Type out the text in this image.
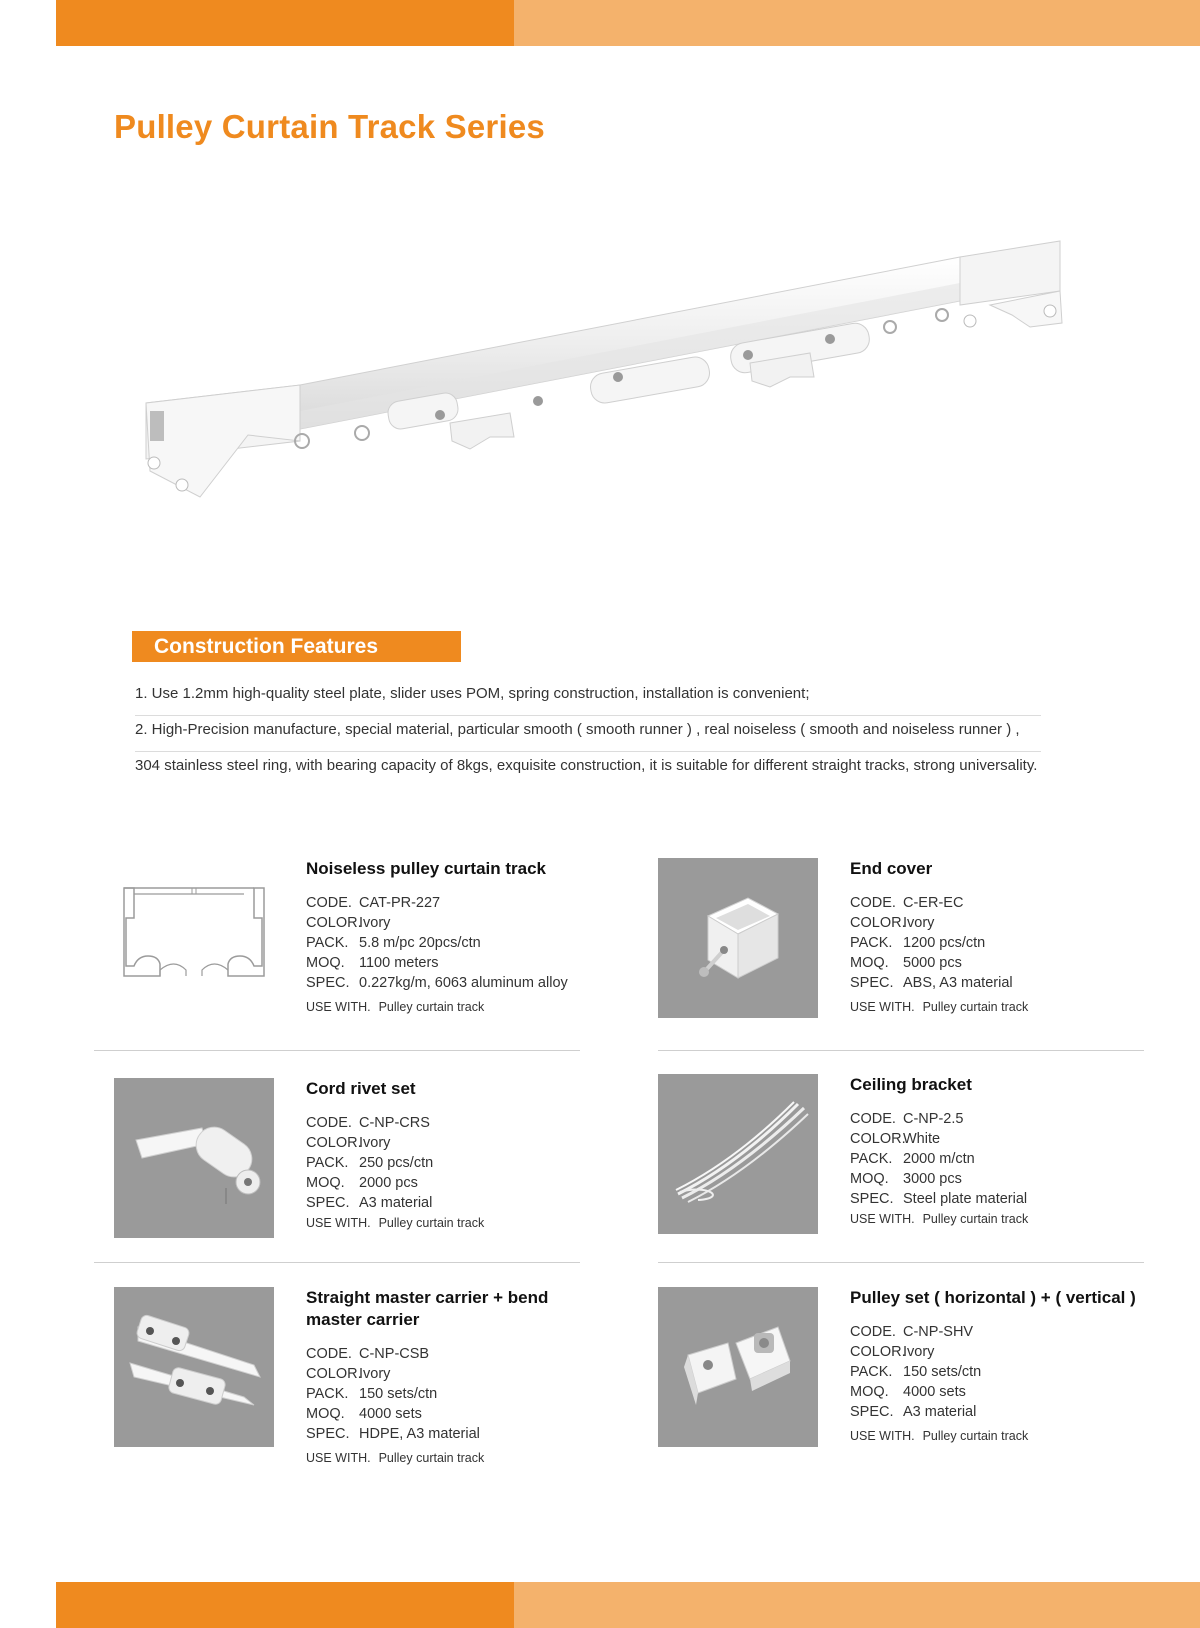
Pulley Curtain Track Series
Construction Features
1. Use 1.2mm high-quality steel plate, slider uses POM, spring construction, installation is convenient;
2. High-Precision manufacture, special material, particular smooth ( smooth runner ) , real noiseless ( smooth and noiseless runner ) ,
304 stainless steel ring, with bearing capacity of 8kgs, exquisite construction, it is suitable for different straight tracks, strong universality.
Noiseless pulley curtain track
CODE. CAT-PR-227
COLOR.Ivory
PACK. 5.8 m/pc 20pcs/ctn
MOQ. 1100 meters
SPEC. 0.227kg/m, 6063 aluminum alloy
USE WITH. Pulley curtain track
End cover
CODE. C-ER-EC
COLOR.Ivory
PACK. 1200 pcs/ctn
MOQ. 5000 pcs
SPEC. ABS, A3 material
USE WITH. Pulley curtain track
Cord rivet set
CODE. C-NP-CRS
COLOR.Ivory
PACK. 250 pcs/ctn
MOQ. 2000 pcs
SPEC. A3 material
USE WITH. Pulley curtain track
Ceiling bracket
CODE. C-NP-2.5
COLOR.White
PACK. 2000 m/ctn
MOQ. 3000 pcs
SPEC. Steel plate material
USE WITH. Pulley curtain track
Straight master carrier + bend master carrier
CODE. C-NP-CSB
COLOR.Ivory
PACK. 150 sets/ctn
MOQ. 4000 sets
SPEC. HDPE, A3 material
USE WITH. Pulley curtain track
Pulley set ( horizontal ) + ( vertical )
CODE. C-NP-SHV
COLOR.Ivory
PACK. 150 sets/ctn
MOQ. 4000 sets
SPEC. A3 material
USE WITH. Pulley curtain track
